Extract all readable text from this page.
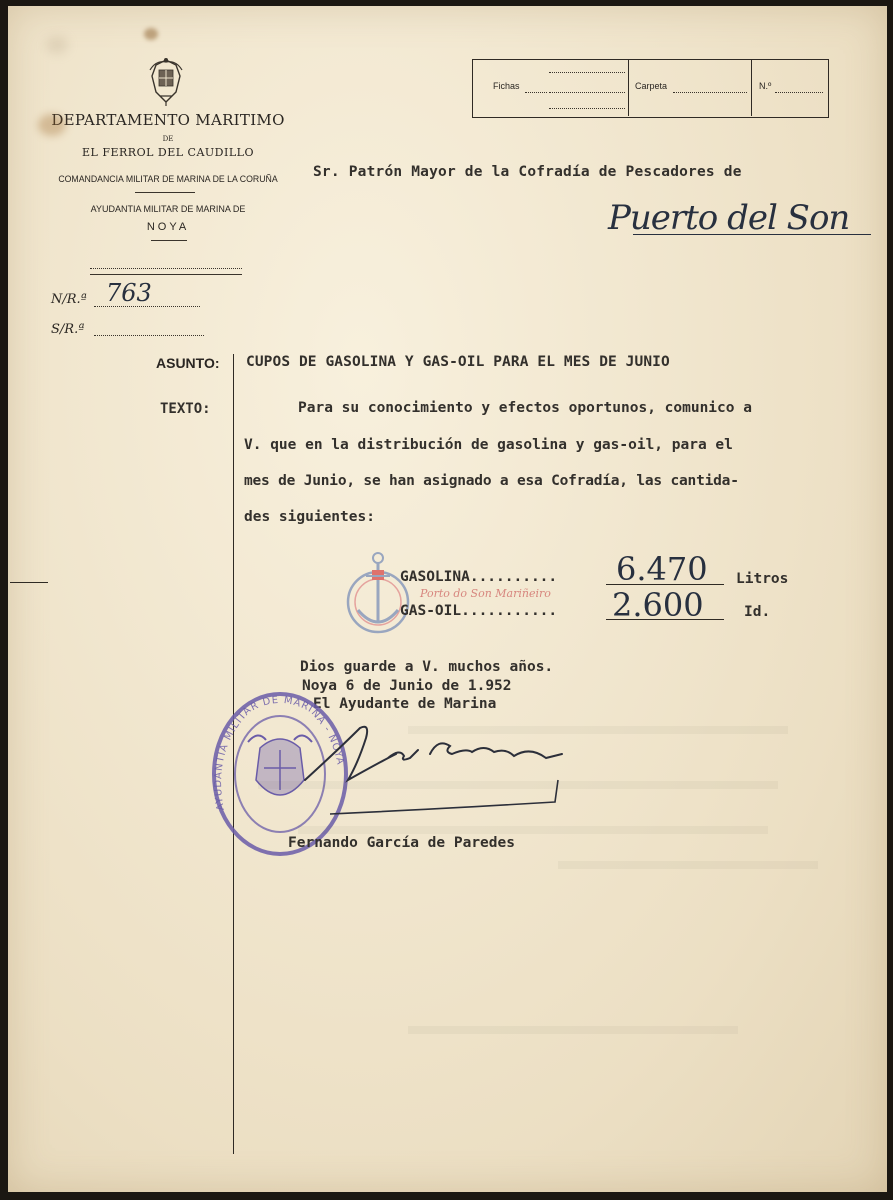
DEPARTAMENTO MARITIMO
DE
EL FERROL DEL CAUDILLO
COMANDANCIA MILITAR DE MARINA DE LA CORUÑA
AYUDANTIA MILITAR DE MARINA DE
NOYA
Fichas	Carpeta	N.º
Sr. Patrón Mayor de la Cofradía de Pescadores de
Puerto del Son
N/R.ª 763
S/R.ª
ASUNTO: CUPOS DE GASOLINA Y GAS-OIL PARA EL MES DE JUNIO
TEXTO:	Para su conocimiento y efectos oportunos, comunico a
V. que en la distribución de gasolina y gas-oil, para el
mes de Junio, se han asignado a esa Cofradía, las cantida-
des siguientes:
Porto do Son Mariñeiro
GASOLINA.......... 6.470 Litros
GAS-OIL........... 2.600	Id.
Dios guarde a V. muchos años.
Noya 6 de Junio de 1.952
El Ayudante de Marina
AYUDANTIA MILITAR DE MARINA - NOYA
Fernando García de Paredes
